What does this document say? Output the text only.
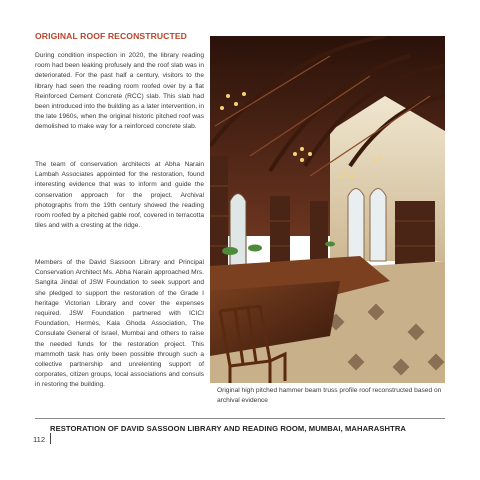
ORIGINAL ROOF RECONSTRUCTED
During condition inspection in 2020, the library reading room had been leaking profusely and the roof slab was in deteriorated. For the past half a century, visitors to the library had seen the reading room roofed over by a flat Reinforced Cement Concrete (RCC) slab. This slab had been introduced into the building as a later intervention, in the late 1960s, when the original historic pitched roof was demolished to make way for a reinforced concrete slab.
The team of conservation architects at Abha Narain Lambah Associates appointed for the restoration, found interesting evidence that was to inform and guide the conservation approach for the project. Archival photographs from the 19th century showed the reading room roofed by a pitched gable roof, covered in terracotta tiles and with a cresting at the ridge.
Members of the David Sassoon Library and Principal Conservation Architect Ms. Abha Narain approached Mrs. Sangita Jindal of JSW Foundation to seek support and she pledged to support the restoration of the Grade I heritage Victorian Library and cover the expenses required. JSW Foundation partnered with ICICI Foundation, Hermès, Kala Ghoda Association, The Consulate General of Israel, Mumbai and others to raise the needed funds for the restoration project. This mammoth task has only been possible through such a collective partnership and unrelenting support of corporates, citizen groups, local associations and consuls in restoring the building.
Original high pitched hammer beam truss profile roof reconstructed based on archival evidence
RESTORATION OF DAVID SASSOON LIBRARY AND READING ROOM, MUMBAI, MAHARASHTRA
112
